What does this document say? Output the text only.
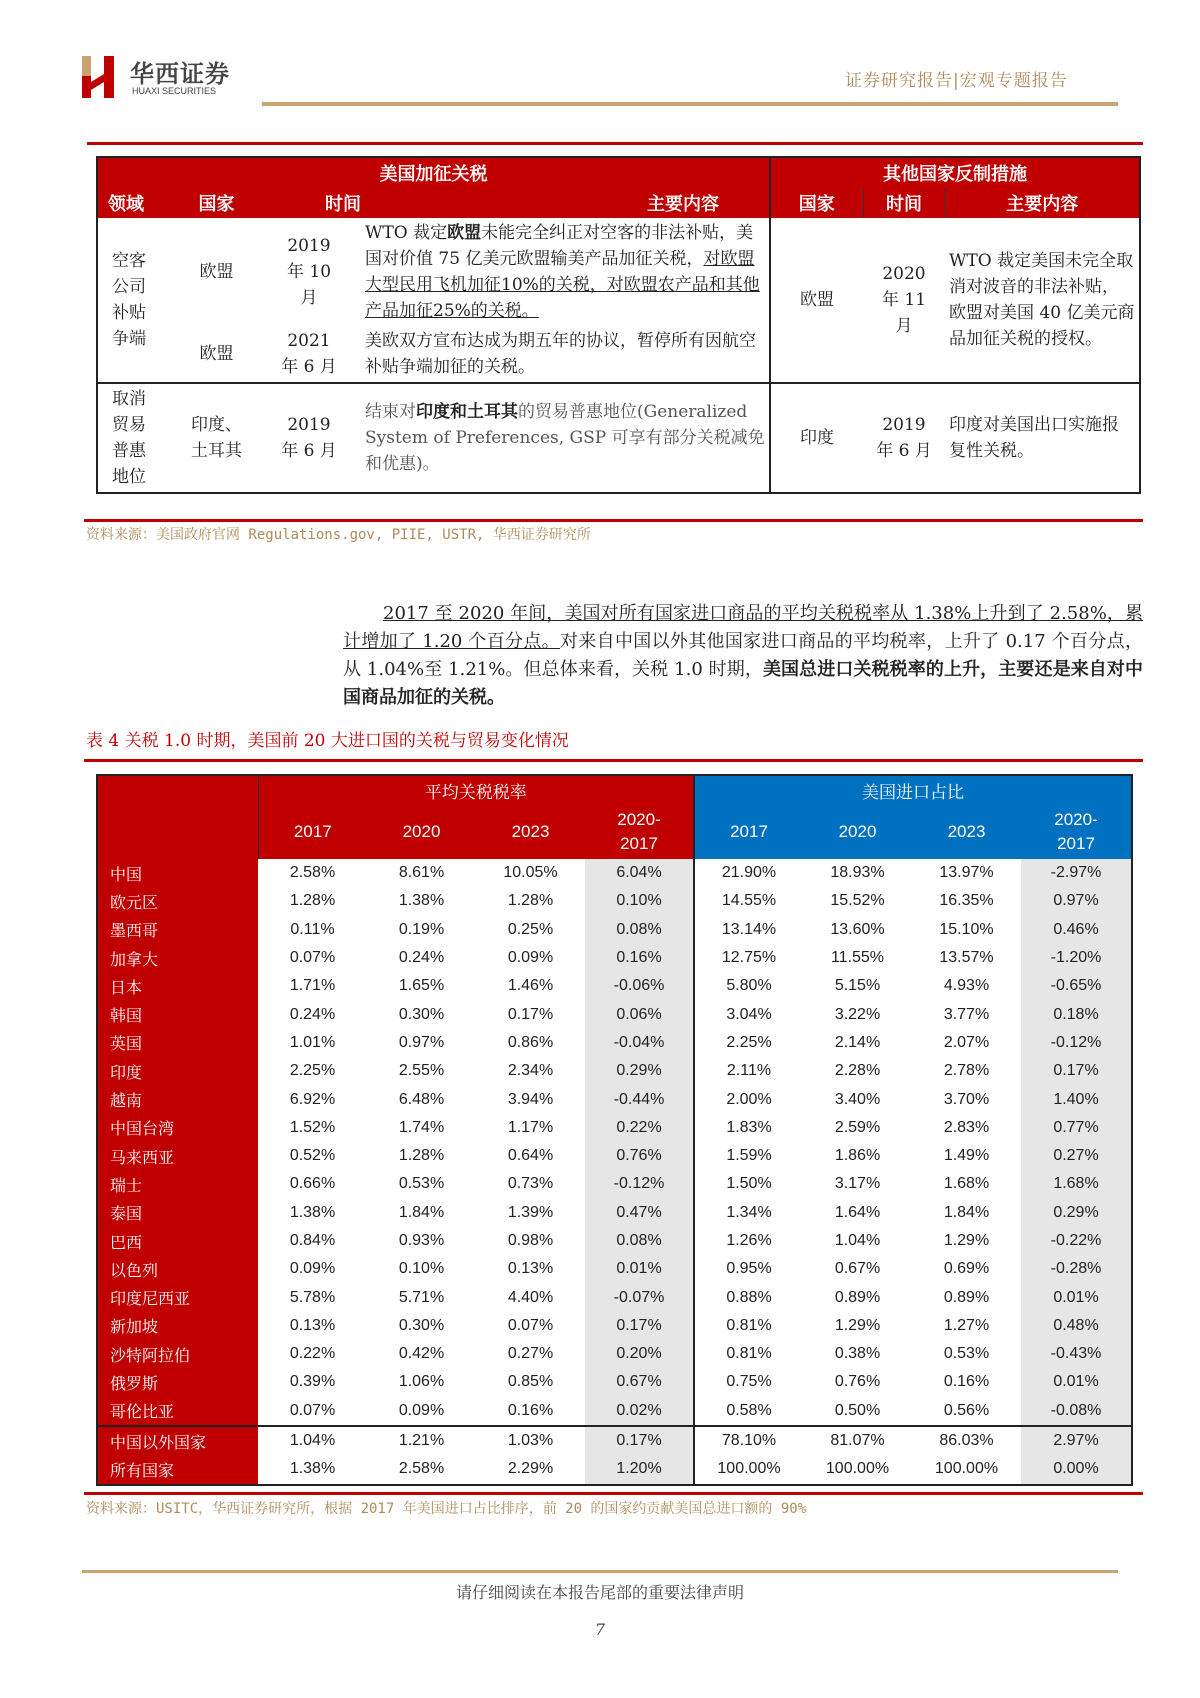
华西证券
HUAXI SECURITIES	证券研究报告|宏观专题报告
美国加征关税				其他国家反制措施		
领域	国家	时间	主要内容	国家	时间	主要内容

空客公司补贴争端	欧盟	2019 年 10 月	WTO 裁定欧盟未能完全纠正对空客的非法补贴，美国对价值 75 亿美元欧盟输美产品加征关税，对欧盟大型民用飞机加征10%的关税，对欧盟农产品和其他产品加征25%的关税。	欧盟	2020 年 11 月	WTO 裁定美国未完全取消对波音的非法补贴，欧盟对美国 40 亿美元商品加征关税的授权。
	欧盟	2021 年 6 月	美欧双方宣布达成为期五年的协议，暂停所有因航空补贴争端加征的关税。			

取消贸易普惠地位	印度、土耳其	2019 年 6 月	结束对印度和土耳其的贸易普惠地位(Generalized System of Preferences, GSP 可享有部分关税减免和优惠)。	印度	2019 年 6 月	印度对美国出口实施报复性关税。
资料来源：美国政府官网 Regulations.gov, PIIE, USTR, 华西证券研究所
2017 至 2020 年间，美国对所有国家进口商品的平均关税税率从 1.38%上升到了 2.58%，累计增加了 1.20 个百分点。对来自中国以外其他国家进口商品的平均税率，上升了 0.17 个百分点，从 1.04%至 1.21%。但总体来看，关税 1.0 时期，美国总进口关税税率的上升，主要还是来自对中国商品加征的关税。
表 4 关税 1.0 时期，美国前 20 大进口国的关税与贸易变化情况
	平均关税税率				美国进口占比			
	2017	2020	2023	2020-2017	2017	2020	2023	2020-2017

中国	2.58%	8.61%	10.05%	6.04%	21.90%	18.93%	13.97%	-2.97%
欧元区	1.28%	1.38%	1.28%	0.10%	14.55%	15.52%	16.35%	0.97%
墨西哥	0.11%	0.19%	0.25%	0.08%	13.14%	13.60%	15.10%	0.46%
加拿大	0.07%	0.24%	0.09%	0.16%	12.75%	11.55%	13.57%	-1.20%
日本	1.71%	1.65%	1.46%	-0.06%	5.80%	5.15%	4.93%	-0.65%
韩国	0.24%	0.30%	0.17%	0.06%	3.04%	3.22%	3.77%	0.18%
英国	1.01%	0.97%	0.86%	-0.04%	2.25%	2.14%	2.07%	-0.12%
印度	2.25%	2.55%	2.34%	0.29%	2.11%	2.28%	2.78%	0.17%
越南	6.92%	6.48%	3.94%	-0.44%	2.00%	3.40%	3.70%	1.40%
中国台湾	1.52%	1.74%	1.17%	0.22%	1.83%	2.59%	2.83%	0.77%
马来西亚	0.52%	1.28%	0.64%	0.76%	1.59%	1.86%	1.49%	0.27%
瑞士	0.66%	0.53%	0.73%	-0.12%	1.50%	3.17%	1.68%	1.68%
泰国	1.38%	1.84%	1.39%	0.47%	1.34%	1.64%	1.84%	0.29%
巴西	0.84%	0.93%	0.98%	0.08%	1.26%	1.04%	1.29%	-0.22%
以色列	0.09%	0.10%	0.13%	0.01%	0.95%	0.67%	0.69%	-0.28%
印度尼西亚	5.78%	5.71%	4.40%	-0.07%	0.88%	0.89%	0.89%	0.01%
新加坡	0.13%	0.30%	0.07%	0.17%	0.81%	1.29%	1.27%	0.48%
沙特阿拉伯	0.22%	0.42%	0.27%	0.20%	0.81%	0.38%	0.53%	-0.43%
俄罗斯	0.39%	1.06%	0.85%	0.67%	0.75%	0.76%	0.16%	0.01%
哥伦比亚	0.07%	0.09%	0.16%	0.02%	0.58%	0.50%	0.56%	-0.08%
中国以外国家	1.04%	1.21%	1.03%	0.17%	78.10%	81.07%	86.03%	2.97%
所有国家	1.38%	2.58%	2.29%	1.20%	100.00%	100.00%	100.00%	0.00%
资料来源：USITC，华西证券研究所，根据 2017 年美国进口占比排序，前 20 的国家约贡献美国总进口额的 90%
请仔细阅读在本报告尾部的重要法律声明
7
